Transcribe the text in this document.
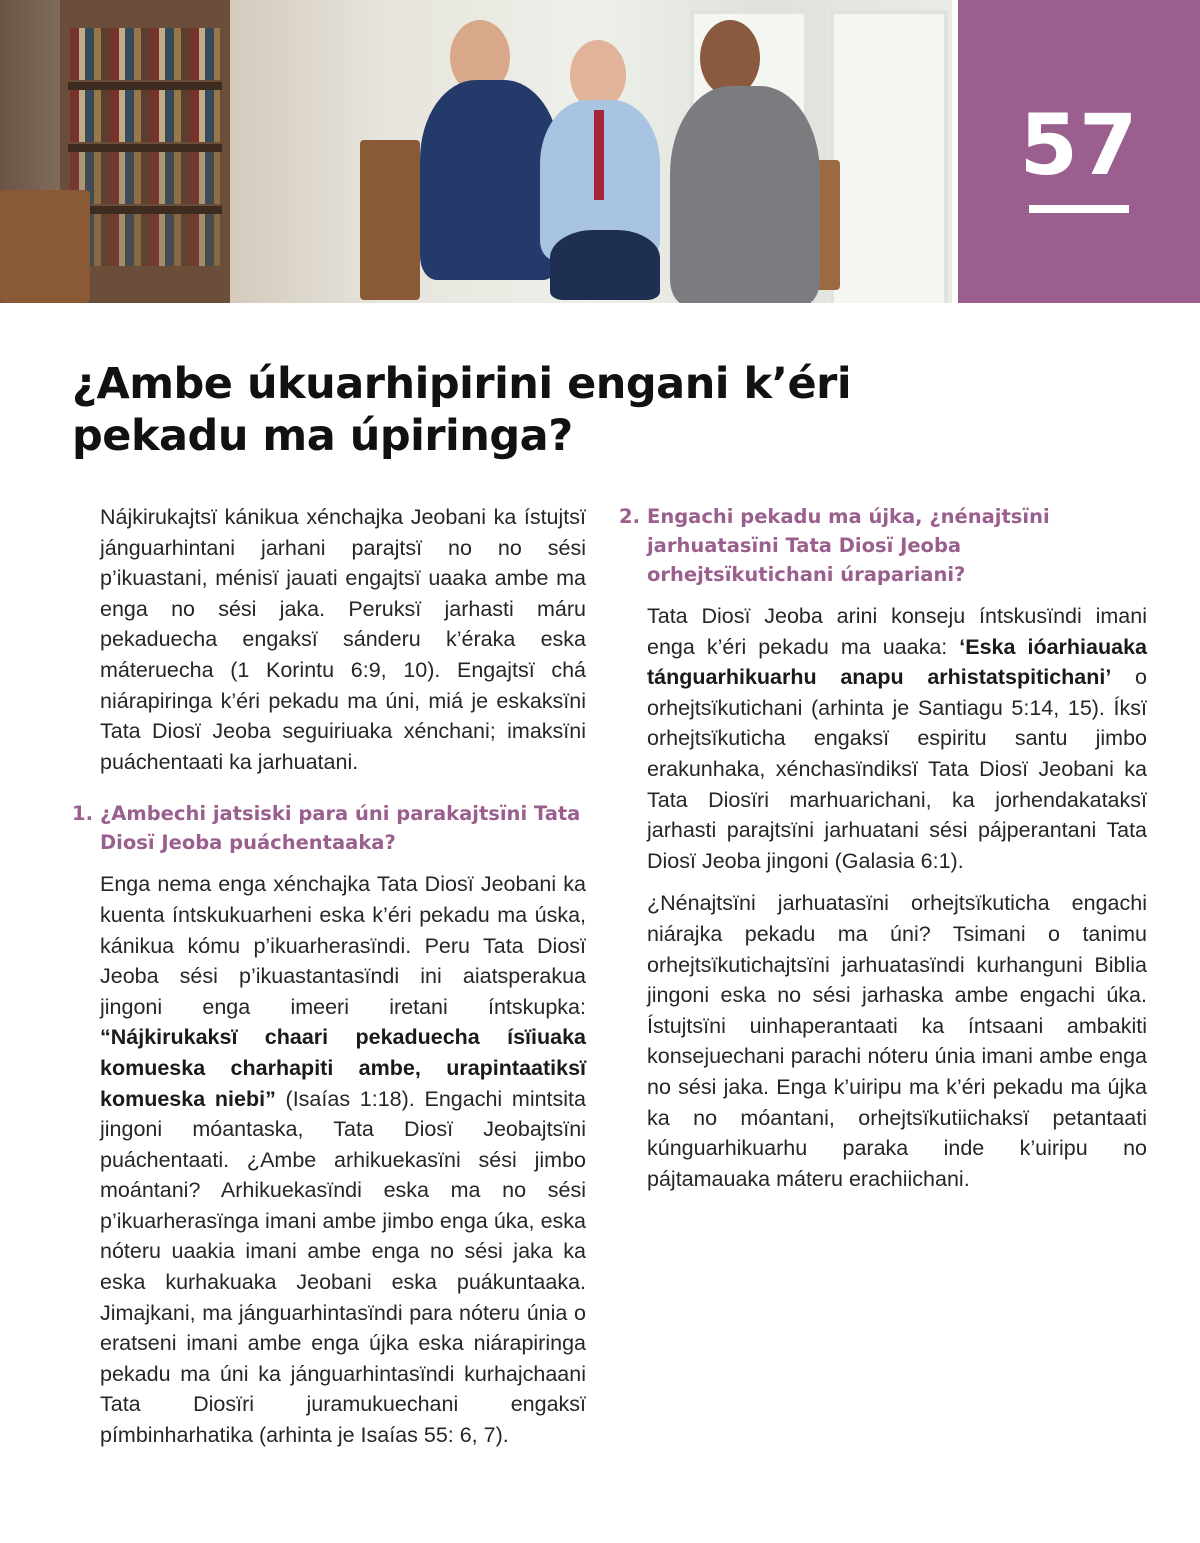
57
¿Ambe úkuarhipirini engani k’éri
pekadu ma úpiringa?

Nájkirukajtsï kánikua xénchajka Jeobani ka ístujtsï jánguarhintani jarhani parajtsï no no sési p’ikuastani, ménisï jauati engajtsï uaaka ambe ma enga no sési jaka. Peruksï jarhasti máru pekaduecha engaksï sánderu k’éraka eska máteruecha (1 Korintu 6:9, 10). Engajtsï chá niárapiringa k’éri pekadu ma úni, miá je eskaksïni Tata Diosï Jeoba seguiriuaka xénchani; imaksïni puáchentaati ka jarhuatani.

1. ¿Ambechi jatsiski para úni parakajtsïni Tata Diosï Jeoba puáchentaaka?

Enga nema enga xénchajka Tata Diosï Jeobani ka kuenta íntskukuarheni eska k’éri pekadu ma úska, kánikua kómu p’ikuarherasïndi. Peru Tata Diosï Jeoba sési p’ikuastantasïndi ini aiatsperakua jingoni enga imeeri iretani íntskupka: “Nájkirukaksï chaari pekaduecha ísïiuaka komueska charhapiti ambe, urapintaatiksï komueska niebi” (Isaías 1:18). Engachi mintsita jingoni móantaska, Tata Diosï Jeobajtsïni puáchentaati. ¿Ambe arhikuekasïni sési jimbo moántani? Arhikuekasïndi eska ma no sési p’ikuarherasïnga imani ambe jimbo enga úka, eska nóteru uaakia imani ambe enga no sési jaka ka eska kurhakuaka Jeobani eska puákuntaaka. Jimajkani, ma jánguarhintasïndi para nóteru únia o eratseni imani ambe enga újka eska niárapiringa pekadu ma úni ka jánguarhintasïndi kurhajchaani Tata Diosïri juramukuechani engaksï pímbinharhatika (arhinta je Isaías 55: 6, 7).

2. Engachi pekadu ma újka, ¿nénajtsïni jarhuatasïni Tata Diosï Jeoba orhejtsïkutichani úrapariani?

Tata Diosï Jeoba arini konseju íntskusïndi imani enga k’éri pekadu ma uaaka: ‘Eska ióarhiauaka tánguarhikuarhu anapu arhistatspitichani’ o orhejtsïkutichani (arhinta je Santiagu 5:14, 15). Íksï orhejtsïkuticha engaksï espiritu santu jimbo erakunhaka, xénchasïndiksï Tata Diosï Jeobani ka Tata Diosïri marhuarichani, ka jorhendakataksï jarhasti parajtsïni jarhuatani sési pájperantani Tata Diosï Jeoba jingoni (Galasia 6:1).

¿Nénajtsïni jarhuatasïni orhejtsïkuticha engachi niárajka pekadu ma úni? Tsimani o tanimu orhejtsïkutichajtsïni jarhuatasïndi kurhanguni Biblia jingoni eska no sési jarhaska ambe engachi úka. Ístujtsïni uinhaperantaati ka íntsaani ambakiti konsejuechani parachi nóteru únia imani ambe enga no sési jaka. Enga k’uiripu ma k’éri pekadu ma újka ka no móantani, orhejtsïkutiichaksï petantaati kúnguarhikuarhu paraka inde k’uiripu no pájtamauaka máteru erachiichani.
